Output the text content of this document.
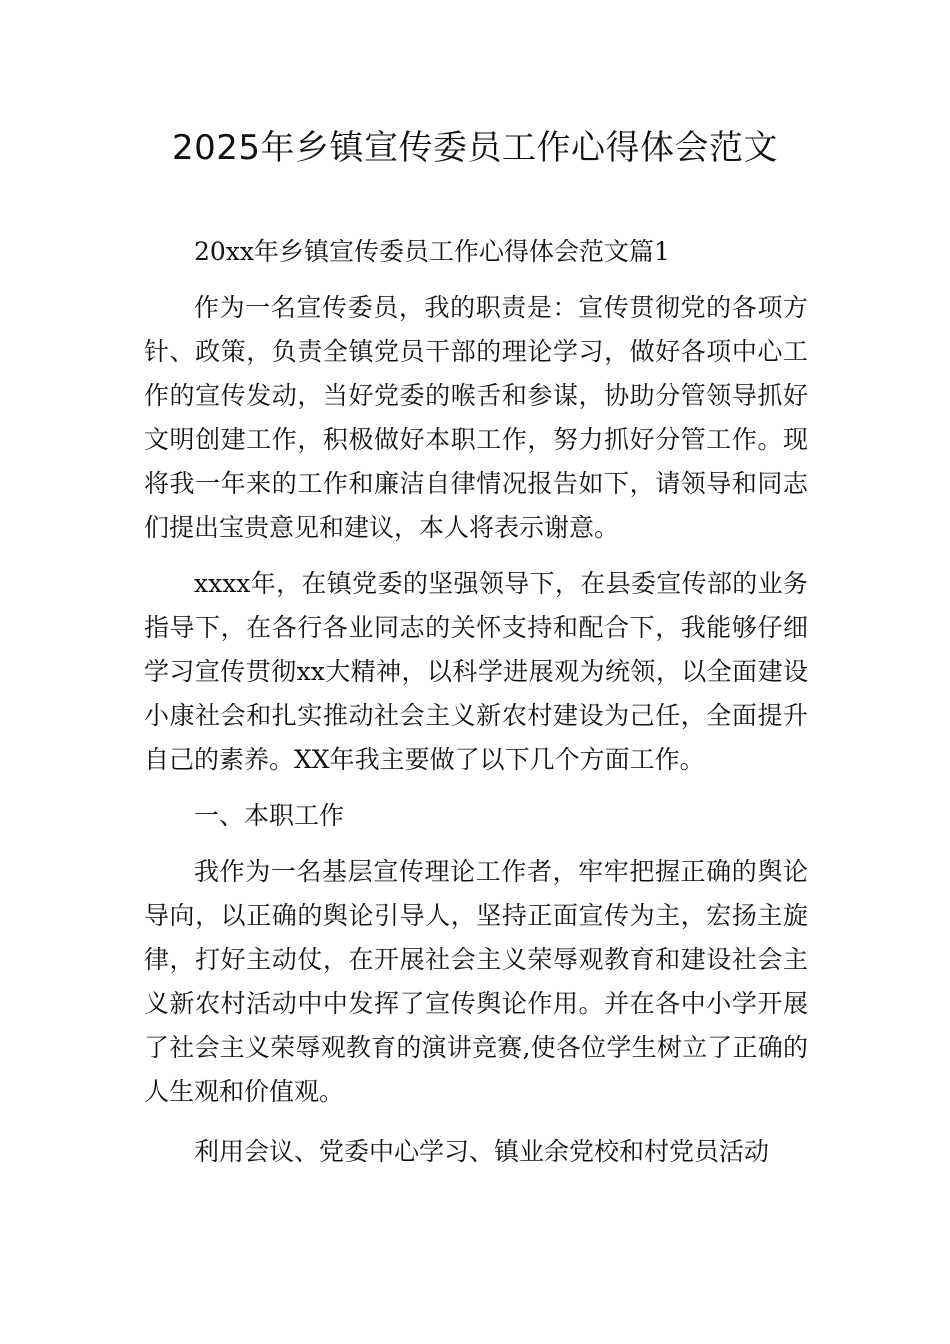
2025年乡镇宣传委员工作心得体会范文

20xx年乡镇宣传委员工作心得体会范文篇1

作为一名宣传委员，我的职责是：宣传贯彻党的各项方针、政策，负责全镇党员干部的理论学习，做好各项中心工作的宣传发动，当好党委的喉舌和参谋，协助分管领导抓好文明创建工作，积极做好本职工作，努力抓好分管工作。现将我一年来的工作和廉洁自律情况报告如下，请领导和同志们提出宝贵意见和建议，本人将表示谢意。

xxxx年，在镇党委的坚强领导下，在县委宣传部的业务指导下，在各行各业同志的关怀支持和配合下，我能够仔细学习宣传贯彻xx大精神，以科学进展观为统领，以全面建设小康社会和扎实推动社会主义新农村建设为己任，全面提升自己的素养。XX年我主要做了以下几个方面工作。

一、本职工作

我作为一名基层宣传理论工作者，牢牢把握正确的舆论导向，以正确的舆论引导人，坚持正面宣传为主，宏扬主旋律，打好主动仗，在开展社会主义荣辱观教育和建设社会主义新农村活动中中发挥了宣传舆论作用。并在各中小学开展了社会主义荣辱观教育的演讲竞赛,使各位学生树立了正确的人生观和价值观。

利用会议、党委中心学习、镇业余党校和村党员活动
